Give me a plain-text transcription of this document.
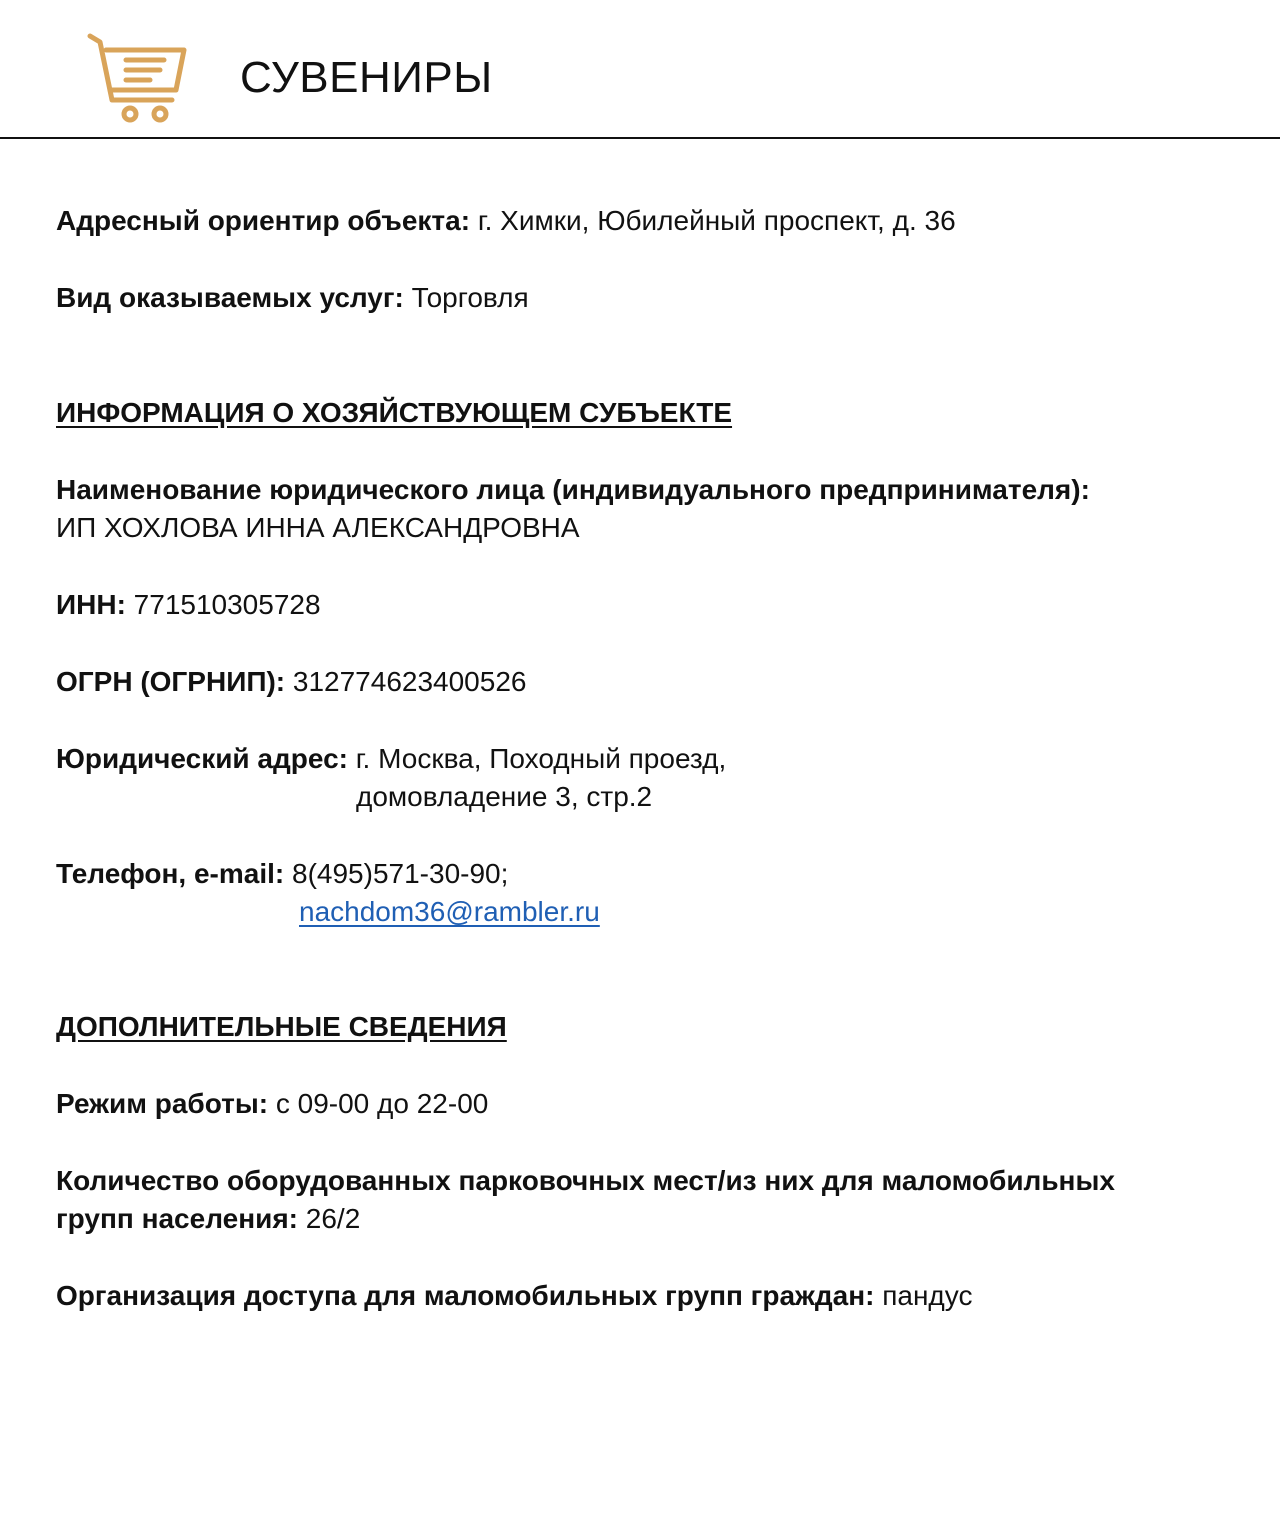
СУВЕНИРЫ
Адресный ориентир объекта: г. Химки, Юбилейный проспект, д. 36
Вид оказываемых услуг: Торговля
ИНФОРМАЦИЯ О ХОЗЯЙСТВУЮЩЕМ СУБЪЕКТЕ
Наименование юридического лица (индивидуального предпринимателя):
ИП ХОХЛОВА ИННА АЛЕКСАНДРОВНА
ИНН: 771510305728
ОГРН (ОГРНИП): 312774623400526
Юридический адрес: г. Москва, Походный проезд,
домовладение 3, стр.2
Телефон, e-mail: 8(495)571-30-90;
nachdom36@rambler.ru
ДОПОЛНИТЕЛЬНЫЕ СВЕДЕНИЯ
Режим работы: с 09-00 до 22-00
Количество оборудованных парковочных мест/из них для маломобильных
групп населения: 26/2
Организация доступа для маломобильных групп граждан: пандус
